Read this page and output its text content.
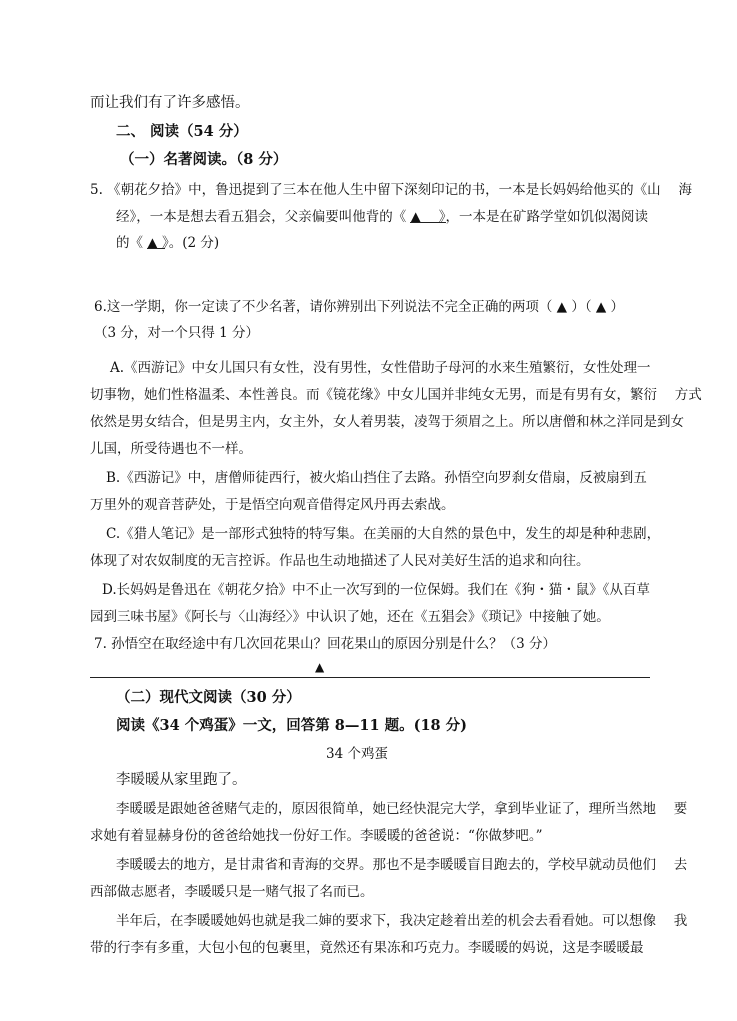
而让我们有了许多感悟。
二、 阅读（54 分）
（一）名著阅读。（8 分）
5. 《朝花夕拾》中，鲁迅提到了三本在他人生中留下深刻印记的书，一本是长妈妈给他买的《山　 海
经》，一本是想去看五猖会，父亲偏要叫他背的《 ▲　 》，一本是在矿路学堂如饥似渴阅读
的《 ▲ 》。(2 分)
6.这一学期，你一定读了不少名著，请你辨别出下列说法不完全正确的两项（ ▲ ）（ ▲ ）
（3 分，对一个只得 1 分）
A.《西游记》中女儿国只有女性，没有男性，女性借助子母河的水来生殖繁衍，女性处理一
切事物，她们性格温柔、本性善良。而《镜花缘》中女儿国并非纯女无男，而是有男有女，繁衍　 方式
依然是男女结合，但是男主内，女主外，女人着男装，凌驾于须眉之上。所以唐僧和林之洋同是到女
儿国，所受待遇也不一样。
B.《西游记》中，唐僧师徒西行，被火焰山挡住了去路。孙悟空向罗刹女借扇，反被扇到五
万里外的观音菩萨处，于是悟空向观音借得定风丹再去索战。
C.《猎人笔记》是一部形式独特的特写集。在美丽的大自然的景色中，发生的却是种种悲剧，
体现了对农奴制度的无言控诉。作品也生动地描述了人民对美好生活的追求和向往。
D.长妈妈是鲁迅在《朝花夕拾》中不止一次写到的一位保姆。我们在《狗・猫・鼠》《从百草
园到三味书屋》《阿长与〈山海经〉》中认识了她，还在《五猖会》《琐记》中接触了她。
7. 孙悟空在取经途中有几次回花果山？回花果山的原因分别是什么？（3 分）
▲
（二）现代文阅读（30 分）
阅读《34 个鸡蛋》一文，回答第 8—11 题。(18 分)
34 个鸡蛋
李暖暖从家里跑了。
李暖暖是跟她爸爸赌气走的，原因很简单，她已经快混完大学，拿到毕业证了，理所当然地　 要
求她有着显赫身份的爸爸给她找一份好工作。李暖暖的爸爸说：“你做梦吧。”
李暖暖去的地方，是甘肃省和青海的交界。那也不是李暖暖盲目跑去的，学校早就动员他们　 去
西部做志愿者，李暖暖只是一赌气报了名而已。
半年后，在李暖暖她妈也就是我二婶的要求下，我决定趁着出差的机会去看看她。可以想像　 我
带的行李有多重，大包小包的包裹里，竟然还有果冻和巧克力。李暖暖的妈说，这是李暖暖最
